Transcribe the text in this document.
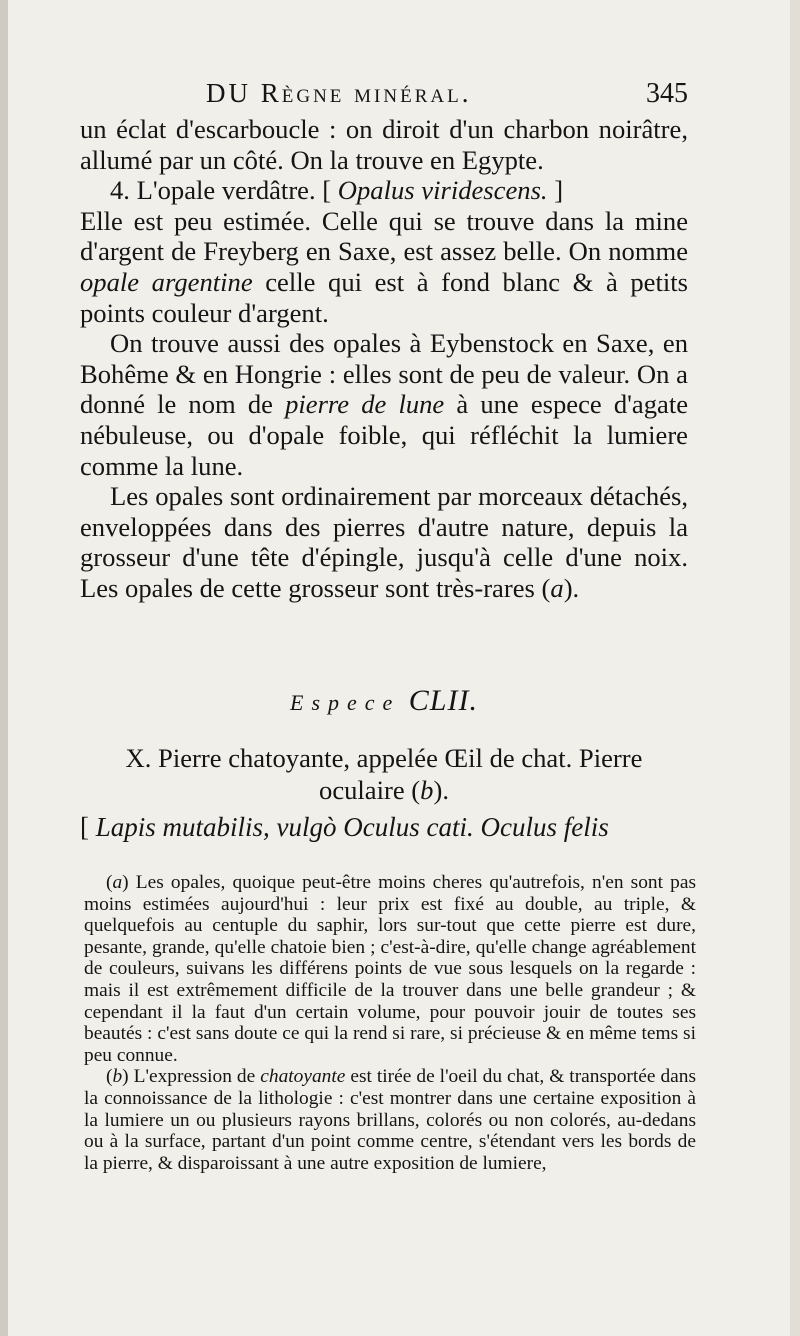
DU Règne minéral.	345

un éclat d'escarboucle : on diroit d'un charbon noirâtre, allumé par un côté. On la trouve en Egypte.

4. L'opale verdâtre. [ Opalus viridescens. ]

Elle est peu estimée. Celle qui se trouve dans la mine d'argent de Freyberg en Saxe, est assez belle. On nomme opale argentine celle qui est à fond blanc & à petits points couleur d'argent.

On trouve aussi des opales à Eybenstock en Saxe, en Bohême & en Hongrie : elles sont de peu de valeur. On a donné le nom de pierre de lune à une espece d'agate nébuleuse, ou d'opale foible, qui réfléchit la lumiere comme la lune.

Les opales sont ordinairement par morceaux détachés, enveloppées dans des pierres d'autre nature, depuis la grosseur d'une tête d'épingle, jusqu'à celle d'une noix. Les opales de cette grosseur sont très-rares (a).

Espece CLII.
X. Pierre chatoyante, appelée Œil de chat. Pierre
oculaire (b).
[ Lapis mutabilis, vulgò Oculus cati. Oculus felis

(a) Les opales, quoique peut-être moins cheres qu'autrefois, n'en sont pas moins estimées aujourd'hui : leur prix est fixé au double, au triple, & quelquefois au centuple du saphir, lors sur-tout que cette pierre est dure, pesante, grande, qu'elle chatoie bien ; c'est-à-dire, qu'elle change agréablement de couleurs, suivans les différens points de vue sous lesquels on la regarde : mais il est extrêmement difficile de la trouver dans une belle grandeur ; & cependant il la faut d'un certain volume, pour pouvoir jouir de toutes ses beautés : c'est sans doute ce qui la rend si rare, si précieuse & en même tems si peu connue.

(b) L'expression de chatoyante est tirée de l'oeil du chat, & transportée dans la connoissance de la lithologie : c'est montrer dans une certaine exposition à la lumiere un ou plusieurs rayons brillans, colorés ou non colorés, au-dedans ou à la surface, partant d'un point comme centre, s'étendant vers les bords de la pierre, & disparoissant à une autre exposition de lumiere,
